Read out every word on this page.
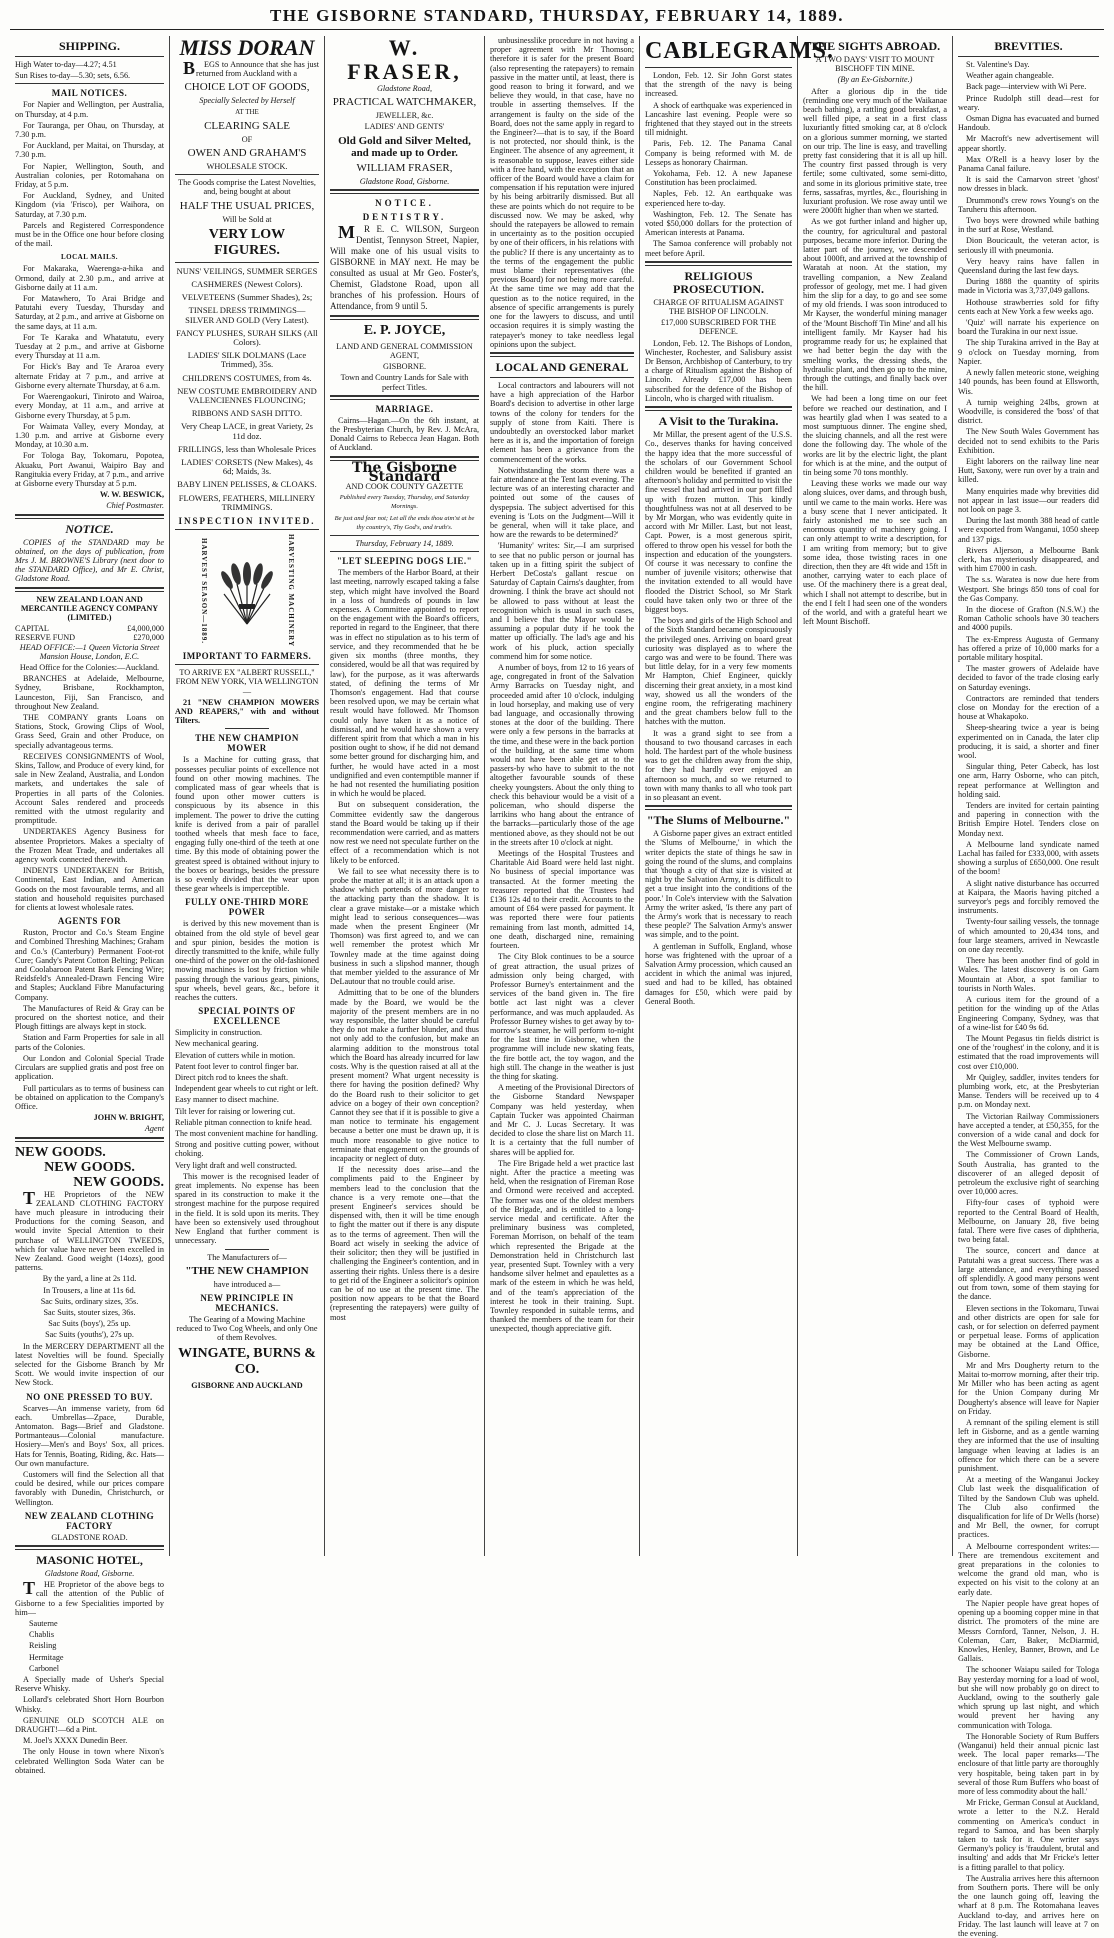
THE GISBORNE STANDARD, THURSDAY, FEBRUARY 14, 1889.
SHIPPING.

High Water to-day—4.27; 4.51

Sun Rises to-day—5.30; sets, 6.56.

MAIL NOTICES.

For Napier and Wellington, per Australia, on Thursday, at 4 p.m.

For Tauranga, per Ohau, on Thursday, at 7.30 p.m.

For Auckland, per Maitai, on Thursday, at 7.30 p.m.

For Napier, Wellington, South, and Australian colonies, per Rotomahana on Friday, at 5 p.m.

For Auckland, Sydney, and United Kingdom (via 'Frisco), per Waihora, on Saturday, at 7.30 p.m.

Parcels and Registered Correspondence must be in the Office one hour before closing of the mail.

LOCAL MAILS.

For Makaraka, Waerenga-a-hika and Ormond, daily at 2.30 p.m., and arrive at Gisborne daily at 11 a.m.

For Matawhero, To Arai Bridge and Patutahi every Tuesday, Thursday and Saturday, at 2 p.m., and arrive at Gisborne on the same days, at 11 a.m.

For Te Karaka and Whatatutu, every Tuesday at 2 p.m., and arrive at Gisborne every Thursday at 11 a.m.

For Hick's Bay and Te Araroa every alternate Friday at 7 p.m., and arrive at Gisborne every alternate Thursday, at 6 a.m.

For Waerengaokuri, Tiniroto and Wairoa, every Monday, at 11 a.m., and arrive at Gisborne every Thursday, at 5 p.m.

For Waimata Valley, every Monday, at 1.30 p.m. and arrive at Gisborne every Monday, at 10.30 a.m.

For Tologa Bay, Tokomaru, Popotea, Akuaku, Port Awanui, Waipiro Bay and Rangitukia every Friday, at 7 p.m., and arrive at Gisborne every Thursday at 5 p.m.

W. W. BESWICK,

Chief Postmaster.

NOTICE.

COPIES of the STANDARD may be obtained, on the days of publication, from Mrs J. M. BROWNE'S Library (next door to the STANDARD Office), and Mr E. Christ, Gladstone Road.

NEW ZEALAND LOAN AND MERCANTILE AGENCY COMPANY (LIMITED.)

CAPITAL	£4,000,000
RESERVE FUND	£270,000

HEAD OFFICE:—1 Queen Victoria Street Mansion House, London, E.C.

Head Office for the Colonies:—Auckland.

BRANCHES at Adelaide, Melbourne, Sydney, Brisbane, Rockhampton, Launceston, Fiji, San Francisco, and throughout New Zealand.

THE COMPANY grants Loans on Stations, Stock, Growing Clips of Wool, Grass Seed, Grain and other Produce, on specially advantageous terms.

RECEIVES CONSIGNMENTS of Wool, Skins, Tallow, and Produce of every kind, for sale in New Zealand, Australia, and London markets, and undertakes the sale of Properties in all parts of the Colonies. Account Sales rendered and proceeds remitted with the utmost regularity and promptitude.

UNDERTAKES Agency Business for absentee Proprietors. Makes a specialty of the Frozen Meat Trade, and undertakes all agency work connected therewith.

INDENTS UNDERTAKEN for British, Continental, East Indian, and American Goods on the most favourable terms, and all station and household requisites purchased for clients at lowest wholesale rates.

AGENTS FOR

Ruston, Proctor and Co.'s Steam Engine and Combined Threshing Machines; Graham and Co.'s (Canterbury) Permanent Foot-rot Cure; Gandy's Patent Cotton Belting; Pelican and Coolabaroon Patent Bark Fencing Wire; Reidsfeld's Annealed-Drawn Fencing Wire and Staples; Auckland Fibre Manufacturing Company.

The Manufactures of Reid & Gray can be procured on the shortest notice, and their Plough fittings are always kept in stock.

Station and Farm Properties for sale in all parts of the Colonies.

Our London and Colonial Special Trade Circulars are supplied gratis and post free on application.

Full particulars as to terms of business can be obtained on application to the Company's Office.

JOHN W. BRIGHT,

Agent

NEW GOODS.
NEW GOODS.
NEW GOODS.

THE Proprietors of the NEW ZEALAND CLOTHING FACTORY have much pleasure in introducing their Productions for the coming Season, and would invite Special Attention to their purchase of WELLINGTON TWEEDS, which for value have never been excelled in New Zealand. Good weight (14ozs), good patterns.

By the yard, a line at 2s 11d.

In Trousers, a line at 11s 6d.

Sac Suits, ordinary sizes, 35s.

Sac Suits, stouter sizes, 36s.

Sac Suits (boys'), 25s up.

Sac Suits (youths'), 27s up.

In the MERCERY DEPARTMENT all the latest Novelties will be found. Specially selected for the Gisborne Branch by Mr Scott. We would invite inspection of our New Stock.

NO ONE PRESSED TO BUY.

Scarves—An immense variety, from 6d each. Umbrellas—Zpace, Durable, Antomaton. Bags—Brief and Gladstone. Portmanteaus—Colonial manufacture. Hosiery—Men's and Boys' Sox, all prices. Hats for Tennis, Boating, Riding, &c. Hats—Our own manufacture.

Customers will find the Selection all that could be desired, while our prices compare favorably with Dunedin, Christchurch, or Wellington.

NEW ZEALAND CLOTHING FACTORY

GLADSTONE ROAD.

MASONIC HOTEL,

Gladstone Road, Gisborne.

THE Proprietor of the above begs to call the attention of the Public of Gisborne to a few Specialities imported by him—

Sauterne

Chablis

Reisling

Hermitage

Carbonel

A Specially made of Usher's Special Reserve Whisky.

Lollard's celebrated Short Horn Bourbon Whisky.

GENUINE OLD SCOTCH ALE on DRAUGHT!—6d a Pint.

M. Joel's XXXX Dunedin Beer.

The only House in town where Nixon's celebrated Wellington Soda Water can be obtained.

MISS DORAN

BEGS to Announce that she has just returned from Auckland with a

CHOICE LOT OF GOODS,

Specially Selected by Herself

AT THE

CLEARING SALE

OF

OWEN AND GRAHAM'S

WHOLESALE STOCK.

The Goods comprise the Latest Novelties, and, being bought at about

HALF THE USUAL PRICES,

Will be Sold at

VERY LOW FIGURES.

NUNS' VEILINGS, SUMMER SERGES

CASHMERES (Newest Colors).

VELVETEENS (Summer Shades), 2s;

TINSEL DRESS TRIMMINGS—SILVER AND GOLD (Very Latest).

FANCY PLUSHES, SURAH SILKS (All Colors).

LADIES' SILK DOLMANS (Lace Trimmed), 35s.

CHILDREN'S COSTUMES, from 4s.

NEW COSTUME EMBROIDERY AND VALENCIENNES FLOUNCING;

RIBBONS AND SASH DITTO.

Very Cheap LACE, in great Variety, 2s 11d doz.

FRILLINGS, less than Wholesale Prices

LADIES' CORSETS (New Makes), 4s 6d; Maids, 3s.

BABY LINEN PELISSES, & CLOAKS.

FLOWERS, FEATHERS, MILLINERY TRIMMINGS.

INSPECTION INVITED.
HARVEST SEASON—1889.	HARVESTING MACHINERY
IMPORTANT TO FARMERS.

TO ARRIVE EX "ALBERT RUSSELL," FROM NEW YORK, VIA WELLINGTON—

21 "NEW CHAMPION MOWERS AND REAPERS," with and without Tilters.

THE NEW CHAMPION MOWER

Is a Machine for cutting grass, that possesses peculiar points of excellence not found on other mowing machines. The complicated mass of gear wheels that is found upon other mower cutters is conspicuous by its absence in this implement. The power to drive the cutting knife is derived from a pair of parallel toothed wheels that mesh face to face, engaging fully one-third of the teeth at one time. By this mode of obtaining power the greatest speed is obtained without injury to the boxes or bearings, besides the pressure is so evenly divided that the wear upon these gear wheels is imperceptible.

FULLY ONE-THIRD MORE POWER

is derived by this new movement than is obtained from the old style of bevel gear and spur pinion, besides the motion is directly transmitted to the knife, while fully one-third of the power on the old-fashioned mowing machines is lost by friction while passing through the various gears, pinions, spur wheels, bevel gears, &c., before it reaches the cutters.

SPECIAL POINTS OF EXCELLENCE

Simplicity in construction.

New mechanical gearing.

Elevation of cutters while in motion.

Patent foot lever to control finger bar.

Direct pitch rod to knees the shaft.

Independent gear wheels to cut right or left.

Easy manner to disect machine.

Tilt lever for raising or lowering cut.

Reliable pitman connection to knife head.

The most convenient machine for handling.

Strong and positive cutting power, without choking.

Very light draft and well constructed.

This mower is the recognised leader of great implements. No expense has been spared in its construction to make it the strongest machine for the purpose required in the field. It is sold upon its merits. They have been so extensively used throughout New England that further comment is unnecessary.

The Manufacturers of—

"THE NEW CHAMPION

have introduced a—

NEW PRINCIPLE IN MECHANICS.

The Gearing of a Mowing Machine reduced to Two Cog Wheels, and only One of them Revolves.

WINGATE, BURNS & CO.

GISBORNE AND AUCKLAND

W. FRASER,

Gladstone Road,

PRACTICAL WATCHMAKER,

JEWELLER, &c.

LADIES' AND GENTS'

Old Gold and Silver Melted, and made up to Order.
WILLIAM FRASER,

Gladstone Road, Gisborne.

NOTICE.
DENTISTRY.

MR E. C. WILSON, Surgeon Dentist, Tennyson Street, Napier, Will make one of his usual visits to GISBORNE in MAY next. He may be consulted as usual at Mr Geo. Foster's, Chemist, Gladstone Road, upon all branches of his profession. Hours of Attendance, from 9 until 5.

E. P. JOYCE,

LAND AND GENERAL COMMISSION AGENT,

GISBORNE.

Town and Country Lands for Sale with perfect Titles.

MARRIAGE.

Cairns—Hagan.—On the 6th instant, at the Presbyterian Church, by Rev. J. McAra, Donald Cairns to Rebecca Jean Hagan. Both of Auckland.

The Gisborne Standard

AND COOK COUNTY GAZETTE

Published every Tuesday, Thursday, and Saturday Mornings.

Be just and fear not; Let all the ends thou aim'st at be thy country's, Thy God's, and truth's.

Thursday, February 14, 1889.

"LET SLEEPING DOGS LIE."

The members of the Harbor Board, at their last meeting, narrowly escaped taking a false step, which might have involved the Board in a loss of hundreds of pounds in law expenses. A Committee appointed to report on the engagement with the Board's officers, reported in regard to the Engineer, that there was in effect no stipulation as to his term of service, and they recommended that he be given six months (three months, they considered, would be all that was required by law), for the purpose, as it was afterwards stated, of defining the terms of Mr Thomson's engagement. Had that course been resolved upon, we may be certain what result would have followed. Mr Thomson could only have taken it as a notice of dismissal, and he would have shown a very different spirit from that which a man in his position ought to show, if he did not demand some better ground for discharging him, and further, he would have acted in a most undignified and even contemptible manner if he had not resented the humiliating position in which he would be placed.

But on subsequent consideration, the Committee evidently saw the dangerous stand the Board would be taking up if their recommendation were carried, and as matters now rest we need not speculate further on the effect of a recommendation which is not likely to be enforced.

We fail to see what necessity there is to probe the matter at all; it is an attack upon a shadow which portends of more danger to the attacking party than the shadow. It is clear a grave mistake—or a mistake which might lead to serious consequences—was made when the present Engineer (Mr Thomson) was first agreed to, and we can well remember the protest which Mr Townley made at the time against doing business in such a slipshod manner, though that member yielded to the assurance of Mr DeLautour that no trouble could arise.

Admitting that to be one of the blunders made by the Board, we would be the majority of the present members are in no way responsible, the latter should be careful they do not make a further blunder, and thus not only add to the confusion, but make an alarming addition to the monstrous total which the Board has already incurred for law costs. Why is the question raised at all at the present moment? What urgent necessity is there for having the position defined? Why do the Board rush to their solicitor to get advice on a bogey of their own conception? Cannot they see that if it is possible to give a man notice to terminate his engagement because a better one must be drawn up, it is much more reasonable to give notice to terminate that engagement on the grounds of incapacity or neglect of duty.

If the necessity does arise—and the compliments paid to the Engineer by members lead to the conclusion that the chance is a very remote one—that the present Engineer's services should be dispensed with, then it will be time enough to fight the matter out if there is any dispute as to the terms of agreement. Then will the Board act wisely in seeking the advice of their solicitor; then they will be justified in challenging the Engineer's contention, and in asserting their rights. Unless there is a desire to get rid of the Engineer a solicitor's opinion can be of no use at the present time. The position now appears to be that the Board (representing the ratepayers) were guilty of most

unbusinesslike procedure in not having a proper agreement with Mr Thomson; therefore it is safer for the present Board (also representing the ratepayers) to remain passive in the matter until, at least, there is good reason to bring it forward, and we believe they would, in that case, have no trouble in asserting themselves. If the arrangement is faulty on the side of the Board, does not the same apply in regard to the Engineer?—that is to say, if the Board is not protected, nor should think, is the Engineer. The absence of any agreement, it is reasonable to suppose, leaves either side with a free hand, with the exception that an officer of the Board would have a claim for compensation if his reputation were injured by his being arbitrarily dismissed. But all these are points which do not require to be discussed now. We may be asked, why should the ratepayers be allowed to remain in uncertainty as to the position occupied by one of their officers, in his relations with the public? If there is any uncertainty as to the terms of the engagement the public must blame their representatives (the previous Board) for not being more careful. At the same time we may add that the question as to the notice required, in the absence of specific arrangements is purely one for the lawyers to discuss, and until occasion requires it is simply wasting the ratepayer's money to take needless legal opinions upon the subject.

LOCAL AND GENERAL

Local contractors and labourers will not have a high appreciation of the Harbor Board's decision to advertise in other large towns of the colony for tenders for the supply of stone from Kaiti. There is undoubtedly an overstocked labor market here as it is, and the importation of foreign element has been a grievance from the commencement of the works.

Notwithstanding the storm there was a fair attendance at the Tent last evening. The lecture was of an interesting character and pointed out some of the causes of dyspepsia. The subject advertised for this evening is 'Lots on the Judgment—Will it be general, when will it take place, and how are the rewards to be determined?'

'Humanity' writes: Sir,—I am surprised to see that no public person or journal has taken up in a fitting spirit the subject of Herbert DeCosta's gallant rescue on Saturday of Captain Cairns's daughter, from drowning. I think the brave act should not be allowed to pass without at least the recognition which is usual in such cases, and I believe that the Mayor would be assuming a popular duty if he took the matter up officially. The lad's age and his work of his pluck, action specially commend him for some notice.

A number of boys, from 12 to 16 years of age, congregated in front of the Salvation Army Barracks on Tuesday night, and proceeded amid after 10 o'clock, indulging in loud horseplay, and making use of very bad language, and occasionally throwing stones at the door of the building. There were only a few persons in the barracks at the time, and these were in the back portion of the building, at the same time whom would not have been able get at to the passers-by who have to submit to the not altogether favourable sounds of these cheeky youngsters. About the only thing to check this behaviour would be a visit of a policeman, who should disperse the larrikins who hang about the entrance of the barracks—particularly those of the age mentioned above, as they should not be out in the streets after 10 o'clock at night.

Meetings of the Hospital Trustees and Charitable Aid Board were held last night. No business of special importance was transacted. At the former meeting the treasurer reported that the Trustees had £136 12s 4d to their credit. Accounts to the amount of £64 were passed for payment. It was reported there were four patients remaining from last month, admitted 14, one death, discharged nine, remaining fourteen.

The City Blok continues to be a source of great attraction, the usual prizes of admission only being charged, with Professor Burney's entertainment and the services of the band given in. The fire bottle act last night was a clever performance, and was much applauded. As Professor Burney wishes to get away by to-morrow's steamer, he will perform to-night for the last time in Gisborne, when the programme will include new skating feats, the fire bottle act, the toy wagon, and the high still. The change in the weather is just the thing for skating.

A meeting of the Provisional Directors of the Gisborne Standard Newspaper Company was held yesterday, when Captain Tucker was appointed Chairman and Mr C. J. Lucas Secretary. It was decided to close the share list on March 11. It is a certainty that the full number of shares will be applied for.

The Fire Brigade held a wet practice last night. After the practice a meeting was held, when the resignation of Fireman Rose and Ormond were received and accepted. The former was one of the oldest members of the Brigade, and is entitled to a long-service medal and certificate. After the preliminary business was completed, Foreman Morrison, on behalf of the team which represented the Brigade at the Demonstration held in Christchurch last year, presented Supt. Townley with a very handsome silver helmet and epaulettes as a mark of the esteem in which he was held, and of the team's appreciation of the interest he took in their training. Supt. Townley responded in suitable terms, and thanked the members of the team for their unexpected, though appreciative gift.

CABLEGRAMS.

London, Feb. 12. Sir John Gorst states that the strength of the navy is being increased.

A shock of earthquake was experienced in Lancashire last evening. People were so frightened that they stayed out in the streets till midnight.

Paris, Feb. 12. The Panama Canal Company is being reformed with M. de Lesseps as honorary Chairman.

Yokohama, Feb. 12. A new Japanese Constitution has been proclaimed.

Naples, Feb. 12. An earthquake was experienced here to-day.

Washington, Feb. 12. The Senate has voted $50,000 dollars for the protection of American interests at Panama.

The Samoa conference will probably not meet before April.

RELIGIOUS PROSECUTION.

CHARGE OF RITUALISM AGAINST THE BISHOP OF LINCOLN.

£17,000 SUBSCRIBED FOR THE DEFENCE.

London, Feb. 12. The Bishops of London, Winchester, Rochester, and Salisbury assist Dr Benson, Archbishop of Canterbury, to try a charge of Ritualism against the Bishop of Lincoln. Already £17,000 has been subscribed for the defence of the Bishop of Lincoln, who is charged with ritualism.

A Visit to the Turakina.

Mr Millar, the present agent of the U.S.S. Co., deserves thanks for having conceived the happy idea that the more successful of the scholars of our Government School children would be benefited if granted an afternoon's holiday and permitted to visit the fine vessel that had arrived in our port filled up with frozen mutton. This kindly thoughtfulness was not at all deserved to be by Mr Morgan, who was evidently quite in accord with Mr Miller. Last, but not least, Capt. Power, is a most generous spirit, offered to throw open his vessel for both the inspection and education of the youngsters. Of course it was necessary to confine the number of juvenile visitors; otherwise that the invitation extended to all would have flooded the District School, so Mr Stark could have taken only two or three of the biggest boys.

The boys and girls of the High School and of the Sixth Standard became conspicuously the privileged ones. Arriving on board great curiosity was displayed as to where the cargo was and were to be found. There was but little delay, for in a very few moments Mr Hampton, Chief Engineer, quickly discerning their great anxiety, in a most kind way, showed us all the wonders of the engine room, the refrigerating machinery and the great chambers below full to the hatches with the mutton.

It was a grand sight to see from a thousand to two thousand carcases in each hold. The hardest part of the whole business was to get the children away from the ship, for they had hardly ever enjoyed an afternoon so much, and so we returned to town with many thanks to all who took part in so pleasant an event.

"The Slums of Melbourne."

A Gisborne paper gives an extract entitled the 'Slums of Melbourne,' in which the writer depicts the state of things he saw in going the round of the slums, and complains that 'though a city of that size is visited at night by the Salvation Army, it is difficult to get a true insight into the conditions of the poor.' In Cole's interview with the Salvation Army the writer asked, 'Is there any part of the Army's work that is necessary to reach these people?' The Salvation Army's answer was simple, and to the point.

A gentleman in Suffolk, England, whose horse was frightened with the uproar of a Salvation Army procession, which caused an accident in which the animal was injured, sued and had to be killed, has obtained damages for £50, which were paid by General Booth.

THE SIGHTS ABROAD.

A TWO DAYS' VISIT TO MOUNT BISCHOFF TIN MINE.

(By an Ex-Gisbornite.)

After a glorious dip in the tide (reminding one very much of the Waikanae beach bathing), a rattling good breakfast, a well filled pipe, a seat in a first class luxuriantly fitted smoking car, at 8 o'clock on a glorious summer morning, we started on our trip. The line is easy, and travelling pretty fast considering that it is all up hill. The country first passed through is very fertile; some cultivated, some semi-ditto, and some in its glorious primitive state, tree ferns, sassafras, myrtles, &c., flourishing in luxuriant profusion. We rose away until we were 2000ft higher than when we started.

As we got further inland and higher up, the country, for agricultural and pastoral purposes, became more inferior. During the latter part of the journey, we descended about 1000ft, and arrived at the township of Waratah at noon. At the station, my travelling companion, a New Zealand professor of geology, met me. I had given him the slip for a day, to go and see some of my old friends. I was soon introduced to Mr Kayser, the wonderful mining manager of the 'Mount Bischoff Tin Mine' and all his intelligent family. Mr Kayser had his programme ready for us; he explained that we had better begin the day with the smelting works, the dressing sheds, the hydraulic plant, and then go up to the mine, through the cuttings, and finally back over the hill.

We had been a long time on our feet before we reached our destination, and I was heartily glad when I was seated to a most sumptuous dinner. The engine shed, the sluicing channels, and all the rest were done the following day. The whole of the works are lit by the electric light, the plant for which is at the mine, and the output of tin being some 70 tons monthly.

Leaving these works we made our way along sluices, over dams, and through bush, until we came to the main works. Here was a busy scene that I never anticipated. It fairly astonished me to see such an enormous quantity of machinery going. I can only attempt to write a description, for I am writing from memory; but to give some idea, those twisting races in one direction, then they are 4ft wide and 15ft in another, carrying water to each place of use. Of the machinery there is a great deal, which I shall not attempt to describe, but in the end I felt I had seen one of the wonders of the world, and with a grateful heart we left Mount Bischoff.

BREVITIES.

St. Valentine's Day.

Weather again changeable.

Back page—interview with Wi Pere.

Prince Rudolph still dead—rest for weary.

Osman Digna has evacuated and burned Handoub.

Mr Macroft's new advertisement will appear shortly.

Max O'Rell is a heavy loser by the Panama Canal failure.

It is said the Carnarvon street 'ghost' now dresses in black.

Drummond's crew rows Young's on the Taruheru this afternoon.

Two boys were drowned while bathing in the surf at Rose, Westland.

Dion Boucicault, the veteran actor, is seriously ill with pneumonia.

Very heavy rains have fallen in Queensland during the last few days.

During 1888 the quantity of spirits made in Victoria was 3,737,049 gallons.

Hothouse strawberries sold for fifty cents each at New York a few weeks ago.

'Quiz' will narrate his experience on board the Turakina in our next issue.

The ship Turakina arrived in the Bay at 9 o'clock on Tuesday morning, from Napier.

A newly fallen meteoric stone, weighing 140 pounds, has been found at Ellsworth, Wis.

A turnip weighing 24lbs, grown at Woodville, is considered the 'boss' of that district.

The New South Wales Government has decided not to send exhibits to the Paris Exhibition.

Eight laborers on the railway line near Hutt, Saxony, were run over by a train and killed.

Many enquiries made why brevities did not appear in last issue—our readers did not look on page 3.

During the last month 388 head of cattle were exported from Wanganui, 1050 sheep and 137 pigs.

Rivers Aljerson, a Melbourne Bank clerk, has mysteriously disappeared, and with him £7000 in cash.

The s.s. Waratea is now due here from Westport. She brings 850 tons of coal for the Gas Company.

In the diocese of Grafton (N.S.W.) the Roman Catholic schools have 30 teachers and 4000 pupils.

The ex-Empress Augusta of Germany has offered a prize of 10,000 marks for a portable military hospital.

The master growers of Adelaide have decided to favor of the trade closing early on Saturday evenings.

Contractors are reminded that tenders close on Monday for the erection of a house at Whakapoko.

Sheep-shearing twice a year is being experimented on in Canada, the later clip producing, it is said, a shorter and finer wool.

Singular thing, Peter Cabeck, has lost one arm, Harry Osborne, who can pitch, repeat performance at Wellington and holding said.

Tenders are invited for certain painting and papering in connection with the British Empire Hotel. Tenders close on Monday next.

A Melbourne land syndicate named Lachal has failed for £333,000, with assets showing a surplus of £650,000. One result of the boom!

A slight native disturbance has occurred at Kaipara, the Maoris having pitched a surveyor's pegs and forcibly removed the instruments.

Twenty-four sailing vessels, the tonnage of which amounted to 20,434 tons, and four large steamers, arrived in Newcastle on one day recently.

There has been another find of gold in Wales. The latest discovery is on Garn Mountain at Abor, a spot familiar to tourists in North Wales.

A curious item for the ground of a petition for the winding up of the Atlas Engineering Company, Sydney, was that of a wine-list for £40 9s 6d.

The Mount Pegasus tin fields district is one of the 'roughest' in the colony, and it is estimated that the road improvements will cost over £10,000.

Mr Quigley, saddler, invites tenders for plumbing work, etc, at the Presbyterian Manse. Tenders will be received up to 4 p.m. on Monday next.

The Victorian Railway Commissioners have accepted a tender, at £50,355, for the conversion of a wide canal and dock for the West Melbourne swamp.

The Commissioner of Crown Lands, South Australia, has granted to the discoverer of an alleged deposit of petroleum the exclusive right of searching over 10,000 acres.

Fifty-four cases of typhoid were reported to the Central Board of Health, Melbourne, on January 28, five being fatal. There were five cases of diphtheria, two being fatal.

The source, concert and dance at Patutahi was a great success. There was a large attendance, and everything passed off splendidly. A good many persons went out from town, some of them staying for the dance.

Eleven sections in the Tokomaru, Tuwai and other districts are open for sale for cash, or for selection on deferred payment or perpetual lease. Forms of application may be obtained at the Land Office, Gisborne.

Mr and Mrs Dougherty return to the Maitai to-morrow morning, after their trip. Mr Miller who has been acting as agent for the Union Company during Mr Dougherty's absence will leave for Napier on Friday.

A remnant of the spiling element is still left in Gisborne, and as a gentle warning they are informed that the use of insulting language when leaving at ladies is an offence for which there can be a severe punishment.

At a meeting of the Wanganui Jockey Club last week the disqualification of Tilted by the Sandown Club was upheld. The Club also confirmed the disqualification for life of Dr Wells (horse) and Mr Bell, the owner, for corrupt practices.

A Melbourne correspondent writes:—There are tremendous excitement and great preparations in the colonies to welcome the grand old man, who is expected on his visit to the colony at an early date.

The Napier people have great hopes of opening up a booming copper mine in that district. The promoters of the mine are Messrs Cornford, Tanner, Nelson, J. H. Coleman, Carr, Baker, McDiarmid, Knowles, Henley, Banner, Brown, and Le Gallais.

The schooner Waiapu sailed for Tologa Bay yesterday morning for a load of wool, but she will now probably go on direct to Auckland, owing to the southerly gale which sprung up last night, and which would prevent her having any communication with Tologa.

The Honorable Society of Rum Buffers (Wanganui) held their annual picnic last week. The local paper remarks—'The enclosure of that little party are thoroughly very hospitable, being taken part in by several of those Rum Buffers who boast of more of less commodity about the hall.'

Mr Fricke, German Consul at Auckland, wrote a letter to the N.Z. Herald commenting on America's conduct in regard to Samoa, and has been sharply taken to task for it. One writer says Germany's policy is 'fraudulent, brutal and insulting' and adds that Mr Fricke's letter is a fitting parallel to that policy.

The Australia arrives here this afternoon from Southern ports. There will be only the one launch going off, leaving the wharf at 8 p.m. The Rotomahana leaves Auckland to-day, and arrives here on Friday. The last launch will leave at 7 on the evening.
